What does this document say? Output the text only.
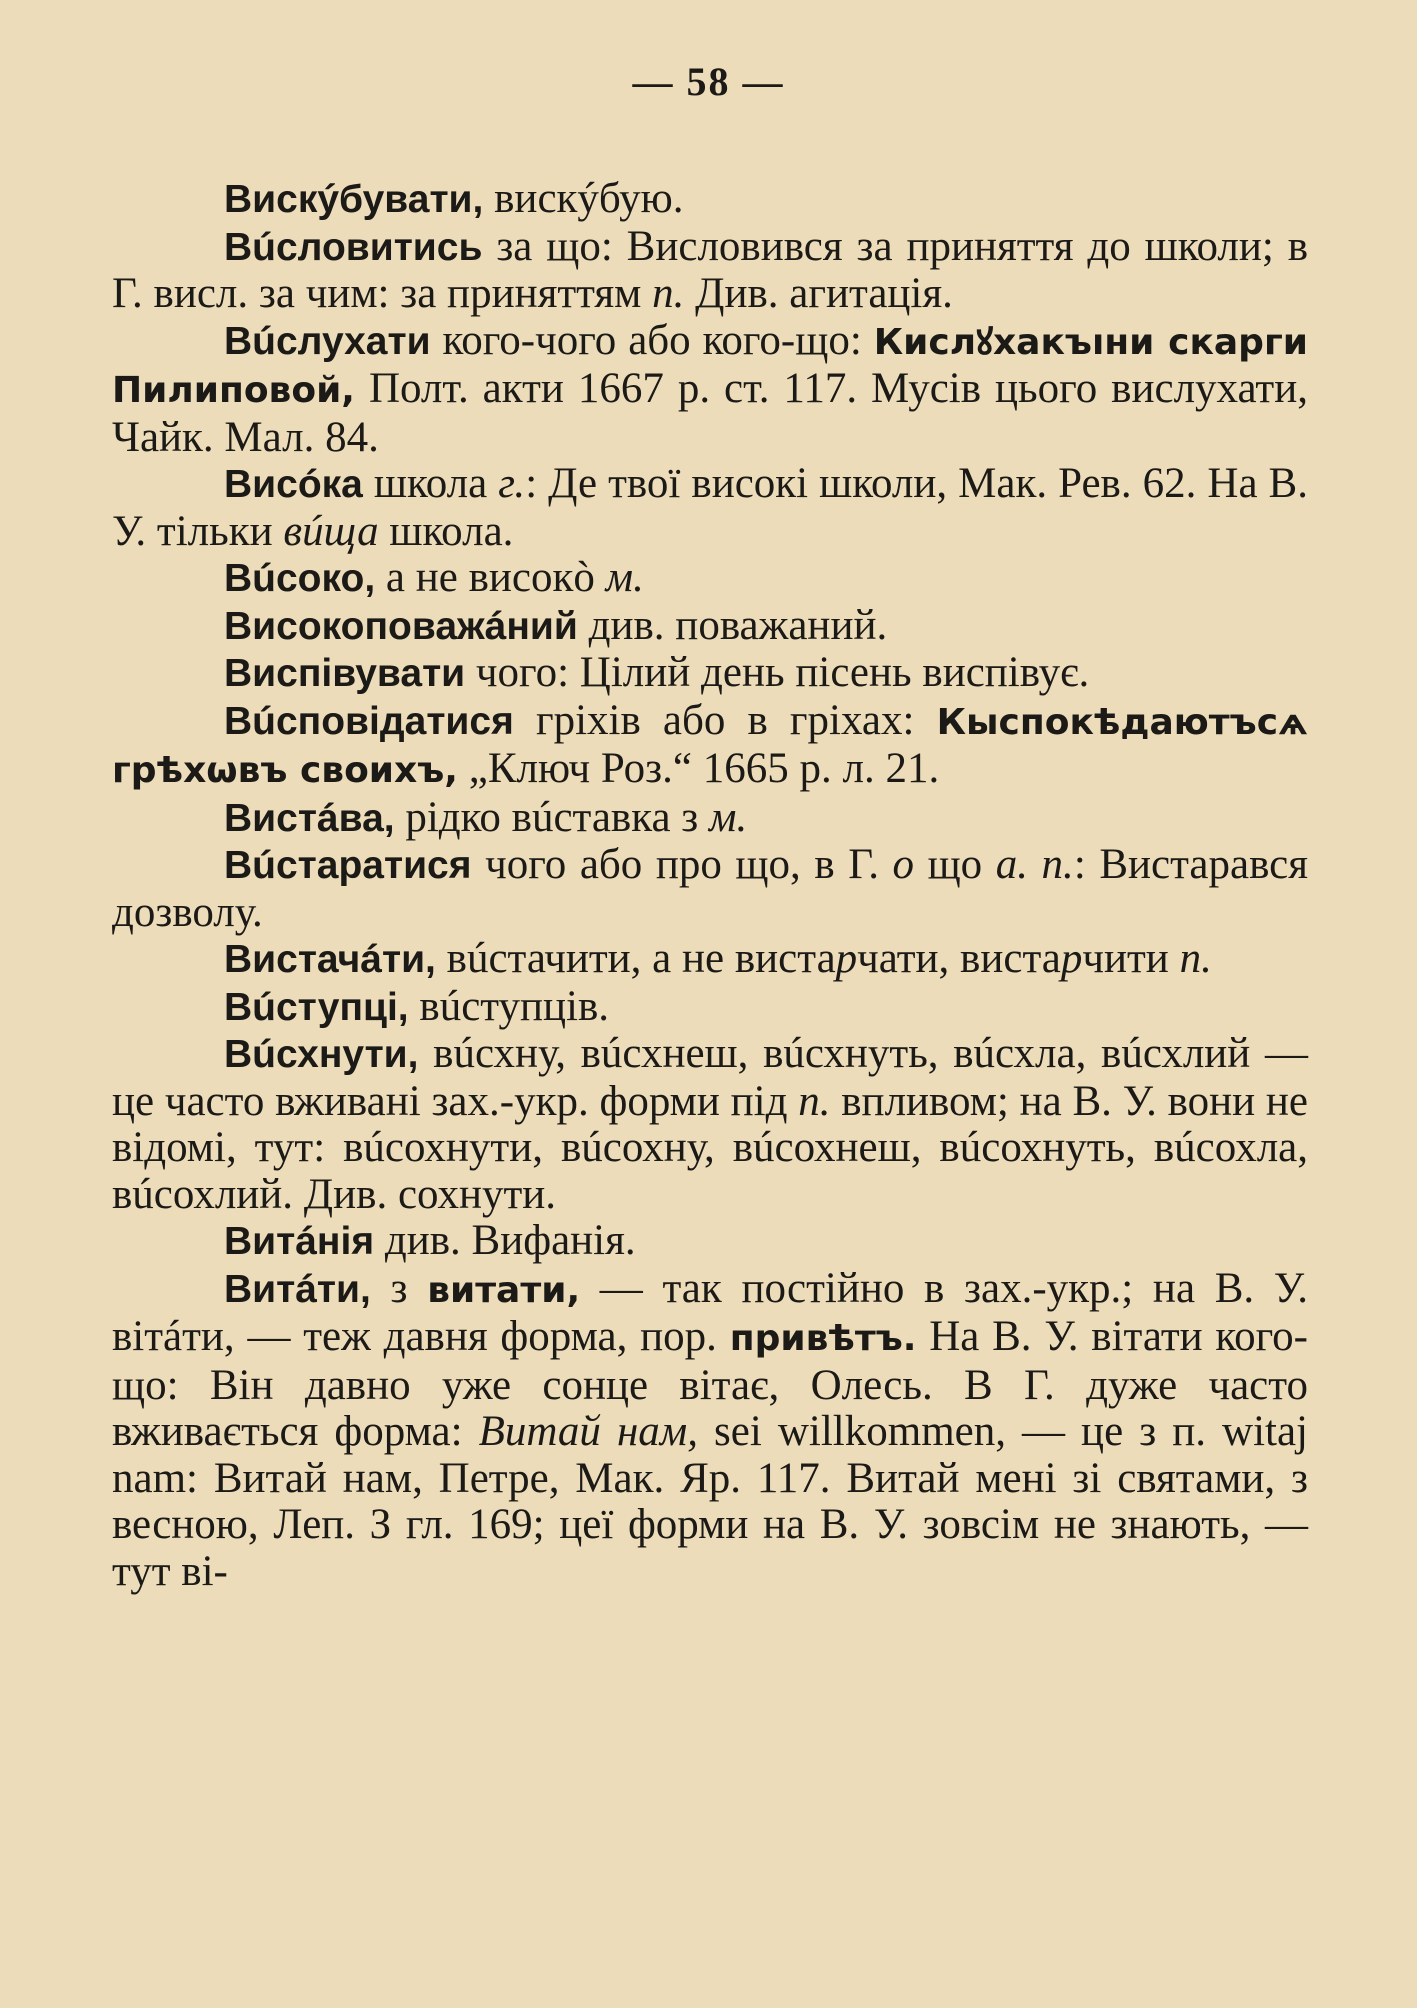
— 58 —

Вискýбувати, вискýбую.

Вúсловитись за що: Висловився за приняття до школи; в Г. висл. за чим: за приняттям п. Див. агитація.

Вúслухати кого-чого або кого-що: Кислꙋхакъıни скарги Пилиповой, Полт. акти 1667 р. ст. 117. Мусів цього вислухати, Чайк. Мал. 84.

Висóка школа г.: Де твої високі школи, Мак. Рев. 62. На В. У. тільки вúща школа.

Вúсоко, а не високò м.

Високоповажáний див. поважаний.

Виспівувати чого: Цілий день пісень виспівує.

Вúсповідатися гріхів або в гріхах: Кыспокѣдаютъсѧ грѣхѡвъ своихъ, „Ключ Роз.“ 1665 р. л. 21.

Вистáва, рідко вúставка з м.

Вúстаратися чого або про що, в Г. о що а. п.: Вистарався дозволу.

Вистачáти, вúстачити, а не вистарчати, вистарчити п.

Вúступці, вúступців.

Вúсхнути, вúсхну, вúсхнеш, вúсхнуть, вúсхла, вúсхлий — це часто вживані зах.-укр. форми під п. впливом; на В. У. вони не відомі, тут: вúсохнути, вúсохну, вúсохнеш, вúсохнуть, вúсохла, вúсохлий. Див. сохнути.

Витáнія див. Вифанія.

Витáти, з витати, — так постійно в зах.-укр.; на В. У. вітáти, — теж давня форма, пор. привѣтъ. На В. У. вітати кого-що: Він давно уже сонце вітає, Олесь. В Г. дуже часто вживається форма: Витай нам, sei willkommen, — це з п. witaj nam: Витай нам, Петре, Мак. Яр. 117. Витай мені зі святами, з весною, Леп. З гл. 169; цеї форми на В. У. зовсім не знають, — тут ві-
